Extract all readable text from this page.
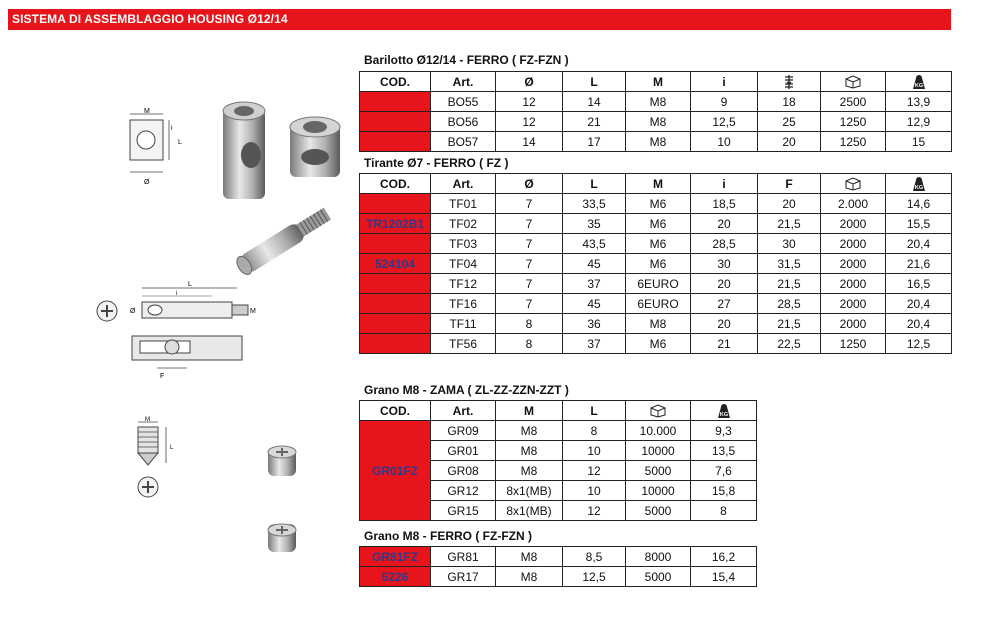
SISTEMA DI ASSEMBLAGGIO HOUSING Ø12/14
M
i
L
Ø
L
Ø
i
M
F
M
L
Barilotto Ø12/14 - FERRO ( FZ-FZN )
COD.	Art.	Ø	L	M	i			KG

	BO55	12	14	M8	9	18	2500	13,9
	BO56	12	21	M8	12,5	25	1250	12,9
	BO57	14	17	M8	10	20	1250	15
Tirante Ø7 - FERRO ( FZ )
COD.	Art.	Ø	L	M	i	F		KG

	TF01	7	33,5	M6	18,5	20	2.000	14,6
TR1202B1	TF02	7	35	M6	20	21,5	2000	15,5
	TF03	7	43,5	M6	28,5	30	2000	20,4
524104	TF04	7	45	M6	30	31,5	2000	21,6
	TF12	7	37	6EURO	20	21,5	2000	16,5
	TF16	7	45	6EURO	27	28,5	2000	20,4
	TF11	8	36	M8	20	21,5	2000	20,4
	TF56	8	37	M6	21	22,5	1250	12,5
Grano M8 - ZAMA ( ZL-ZZ-ZZN-ZZT )
COD.	Art.	M	L		KG

GR01FZ	GR09	M8	8	10.000	9,3
	GR01	M8	10	10000	13,5
	GR08	M8	12	5000	7,6
	GR12	8x1(MB)	10	10000	15,8
	GR15	8x1(MB)	12	5000	8
Grano M8 - FERRO ( FZ-FZN )
GR81FZ	GR81	M8	8,5	8000	16,2
5226	GR17	M8	12,5	5000	15,4
